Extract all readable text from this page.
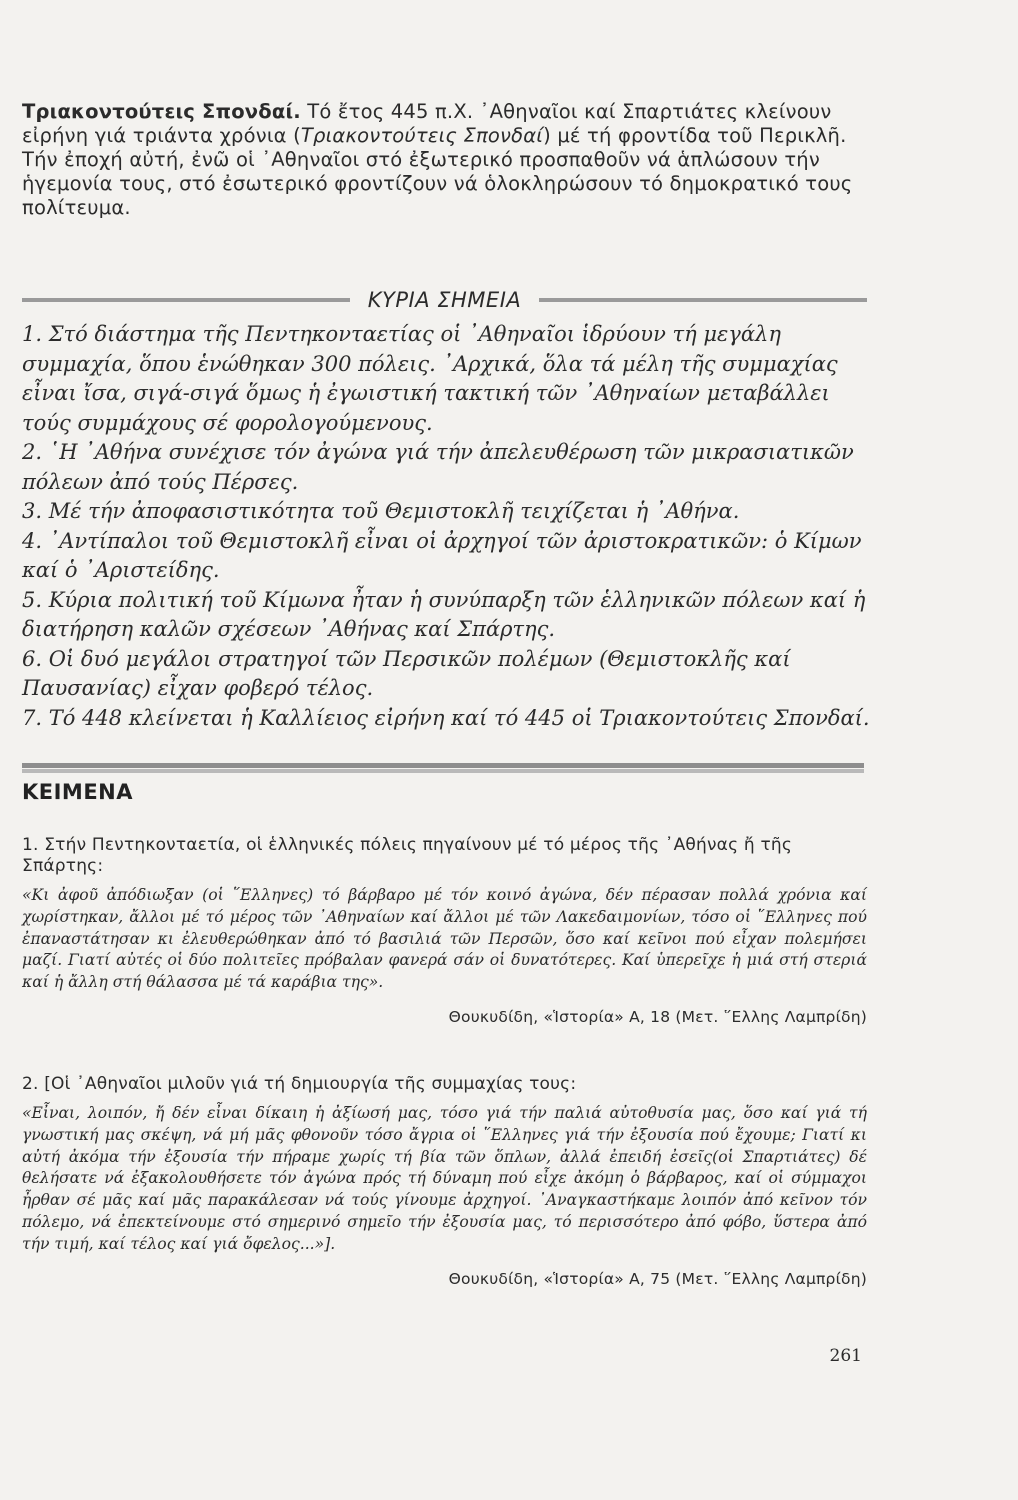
Τριακοντούτεις Σπονδαί. Τό ἔτος 445 π.Χ. ᾿Αθηναῖοι καί Σπαρτιάτες κλείνουν εἰρήνη γιά τριάντα χρόνια (Τριακοντούτεις Σπονδαί) μέ τή φροντίδα τοῦ Περικλῆ.

Τήν ἐποχή αὐτή, ἐνῶ οἱ ᾿Αθηναῖοι στό ἐξωτερικό προσπαθοῦν νά ἁπλώσουν τήν ἡγεμονία τους, στό ἐσωτερικό φροντίζουν νά ὁλοκληρώσουν τό δημοκρατικό τους πολίτευμα.

ΚΥΡΙΑ ΣΗΜΕΙΑ

1. Στό διάστημα τῆς Πεντηκονταετίας οἱ ᾿Αθηναῖοι ἱδρύουν τή μεγάλη συμμαχία, ὅπου ἑνώθηκαν 300 πόλεις. ᾿Αρχικά, ὅλα τά μέλη τῆς συμμαχίας εἶναι ἴσα, σιγά-σιγά ὅμως ἡ ἐγωιστική τακτική τῶν ᾿Αθηναίων μεταβάλλει τούς συμμάχους σέ φορολογούμενους.

2. ῾Η ᾿Αθήνα συνέχισε τόν ἀγώνα γιά τήν ἀπελευθέρωση τῶν μικρασιατικῶν πόλεων ἀπό τούς Πέρσες.

3. Μέ τήν ἀποφασιστικότητα τοῦ Θεμιστοκλῆ τειχίζεται ἡ ᾿Αθήνα.

4. ᾿Αντίπαλοι τοῦ Θεμιστοκλῆ εἶναι οἱ ἀρχηγοί τῶν ἀριστοκρατικῶν: ὁ Κίμων καί ὁ ᾿Αριστείδης.

5. Κύρια πολιτική τοῦ Κίμωνα ἦταν ἡ συνύπαρξη τῶν ἑλληνικῶν πόλεων καί ἡ διατήρηση καλῶν σχέσεων ᾿Αθήνας καί Σπάρτης.

6. Οἱ δυό μεγάλοι στρατηγοί τῶν Περσικῶν πολέμων (Θεμιστοκλῆς καί Παυσανίας) εἶχαν φοβερό τέλος.

7. Τό 448 κλείνεται ἡ Καλλίειος εἰρήνη καί τό 445 οἱ Τριακοντούτεις Σπονδαί.

ΚΕΙΜΕΝΑ

1. Στήν Πεντηκονταετία, οἱ ἑλληνικές πόλεις πηγαίνουν μέ τό μέρος τῆς ᾿Αθήνας ἤ τῆς Σπάρτης:

«Κι ἀφοῦ ἀπόδιωξαν (οἱ ῞Ελληνες) τό βάρβαρο μέ τόν κοινό ἀγώνα, δέν πέρασαν πολλά χρόνια καί χωρίστηκαν, ἄλλοι μέ τό μέρος τῶν ᾿Αθηναίων καί ἄλλοι μέ τῶν Λακεδαιμονίων, τόσο οἱ ῞Ελληνες πού ἐπαναστάτησαν κι ἐλευθερώθηκαν ἀπό τό βασιλιά τῶν Περσῶν, ὅσο καί κεῖνοι πού εἶχαν πολεμήσει μαζί. Γιατί αὐτές οἱ δύο πολιτεῖες πρόβαλαν φανερά σάν οἱ δυνατότερες. Καί ὑπερεῖχε ἡ μιά στή στεριά καί ἡ ἄλλη στή θάλασσα μέ τά καράβια της».

Θουκυδίδη, «Ἱστορία» Α, 18 (Μετ. ῞Ελλης Λαμπρίδη)

2. [Οἱ ᾿Αθηναῖοι μιλοῦν γιά τή δημιουργία τῆς συμμαχίας τους:

«Εἶναι, λοιπόν, ἤ δέν εἶναι δίκαιη ἡ ἀξίωσή μας, τόσο γιά τήν παλιά αὐτοθυσία μας, ὅσο καί γιά τή γνωστική μας σκέψη, νά μή μᾶς φθονοῦν τόσο ἄγρια οἱ ῞Ελληνες γιά τήν ἐξουσία πού ἔχουμε; Γιατί κι αὐτή ἀκόμα τήν ἐξουσία τήν πήραμε χωρίς τή βία τῶν ὅπλων, ἀλλά ἐπειδή ἐσεῖς(οἱ Σπαρτιάτες) δέ θελήσατε νά ἐξακολουθήσετε τόν ἀγώνα πρός τή δύναμη πού εἶχε ἀκόμη ὁ βάρβαρος, καί οἱ σύμμαχοι ἦρθαν σέ μᾶς καί μᾶς παρακάλεσαν νά τούς γίνουμε ἀρχηγοί. ᾿Αναγκαστήκαμε λοιπόν ἀπό κεῖνον τόν πόλεμο, νά ἐπεκτείνουμε στό σημερινό σημεῖο τήν ἐξουσία μας, τό περισσότερο ἀπό φόβο, ὕστερα ἀπό τήν τιμή, καί τέλος καί γιά ὄφελος...»].

Θουκυδίδη, «Ἱστορία» Α, 75 (Μετ. ῞Ελλης Λαμπρίδη)

261
